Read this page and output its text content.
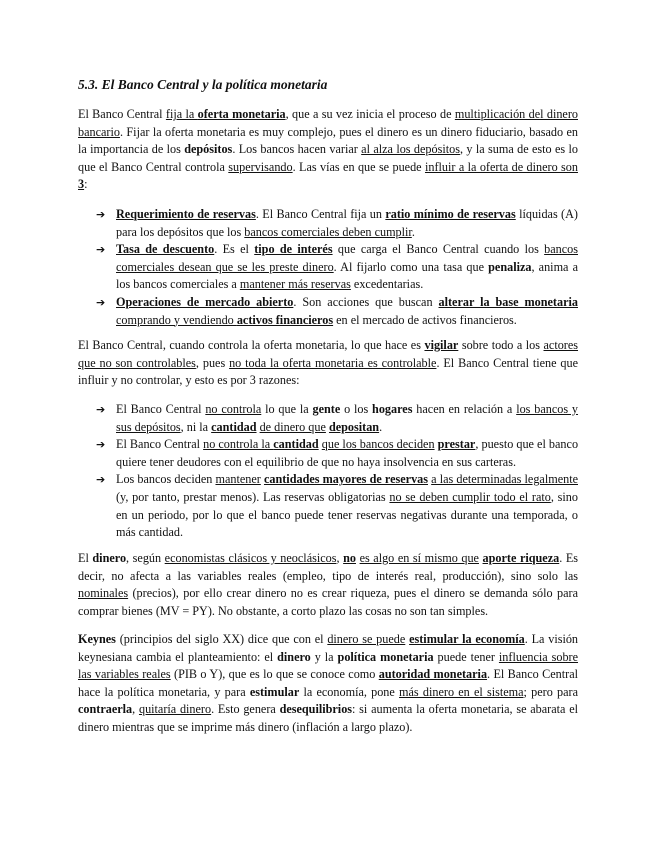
5.3. El Banco Central y la política monetaria

El Banco Central fija la oferta monetaria, que a su vez inicia el proceso de multiplicación del dinero bancario. Fijar la oferta monetaria es muy complejo, pues el dinero es un dinero fiduciario, basado en la importancia de los depósitos. Los bancos hacen variar al alza los depósitos, y la suma de esto es lo que el Banco Central controla supervisando. Las vías en que se puede influir a la oferta de dinero son 3:

➔ Requerimiento de reservas. El Banco Central fija un ratio mínimo de reservas líquidas (A) para los depósitos que los bancos comerciales deben cumplir.
➔ Tasa de descuento. Es el tipo de interés que carga el Banco Central cuando los bancos comerciales desean que se les preste dinero. Al fijarlo como una tasa que penaliza, anima a los bancos comerciales a mantener más reservas excedentarias.
➔ Operaciones de mercado abierto. Son acciones que buscan alterar la base monetaria comprando y vendiendo activos financieros en el mercado de activos financieros.

El Banco Central, cuando controla la oferta monetaria, lo que hace es vigilar sobre todo a los actores que no son controlables, pues no toda la oferta monetaria es controlable. El Banco Central tiene que influir y no controlar, y esto es por 3 razones:

➔ El Banco Central no controla lo que la gente o los hogares hacen en relación a los bancos y sus depósitos, ni la cantidad de dinero que depositan.
➔ El Banco Central no controla la cantidad que los bancos deciden prestar, puesto que el banco quiere tener deudores con el equilibrio de que no haya insolvencia en sus carteras.
➔ Los bancos deciden mantener cantidades mayores de reservas a las determinadas legalmente (y, por tanto, prestar menos). Las reservas obligatorias no se deben cumplir todo el rato, sino en un periodo, por lo que el banco puede tener reservas negativas durante una temporada, o más cantidad.

El dinero, según economistas clásicos y neoclásicos, no es algo en sí mismo que aporte riqueza. Es decir, no afecta a las variables reales (empleo, tipo de interés real, producción), sino solo las nominales (precios), por ello crear dinero no es crear riqueza, pues el dinero se demanda sólo para comprar bienes (MV = PY). No obstante, a corto plazo las cosas no son tan simples.

Keynes (principios del siglo XX) dice que con el dinero se puede estimular la economía. La visión keynesiana cambia el planteamiento: el dinero y la política monetaria puede tener influencia sobre las variables reales (PIB o Y), que es lo que se conoce como autoridad monetaria. El Banco Central hace la política monetaria, y para estimular la economía, pone más dinero en el sistema; pero para contraerla, quitaría dinero. Esto genera desequilibrios: si aumenta la oferta monetaria, se abarata el dinero mientras que se imprime más dinero (inflación a largo plazo).
